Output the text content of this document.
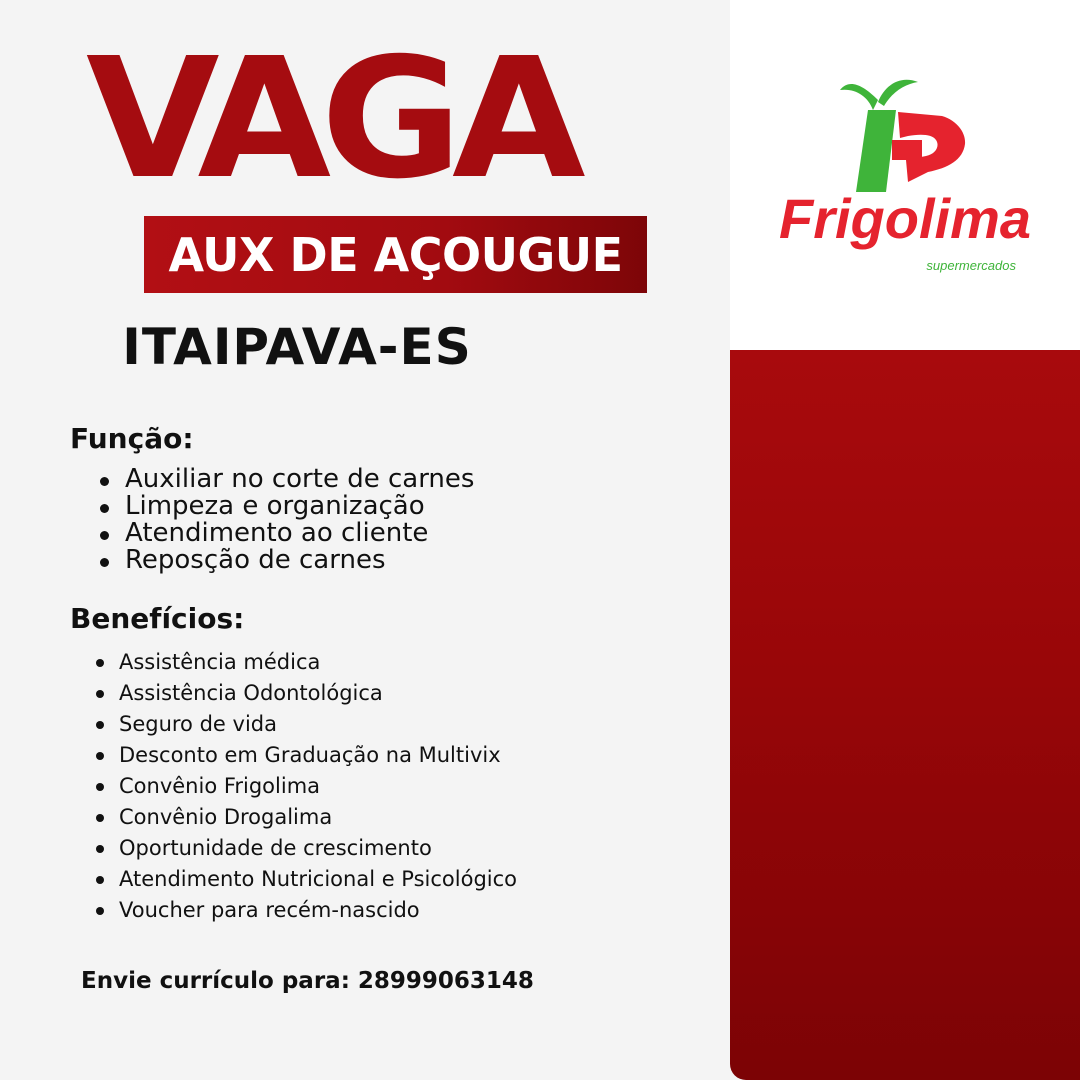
VAGA
AUX DE AÇOUGUE
ITAIPAVA-ES
Função:
Auxiliar no corte de carnes
Limpeza e organização
Atendimento ao cliente
Reposção de carnes
Benefícios:
Assistência médica
Assistência Odontológica
Seguro de vida
Desconto em Graduação na Multivix
Convênio Frigolima
Convênio Drogalima
Oportunidade de crescimento
Atendimento Nutricional e Psicológico
Voucher para recém-nascido
Envie currículo para: 28999063148
Frigolima
supermercados
